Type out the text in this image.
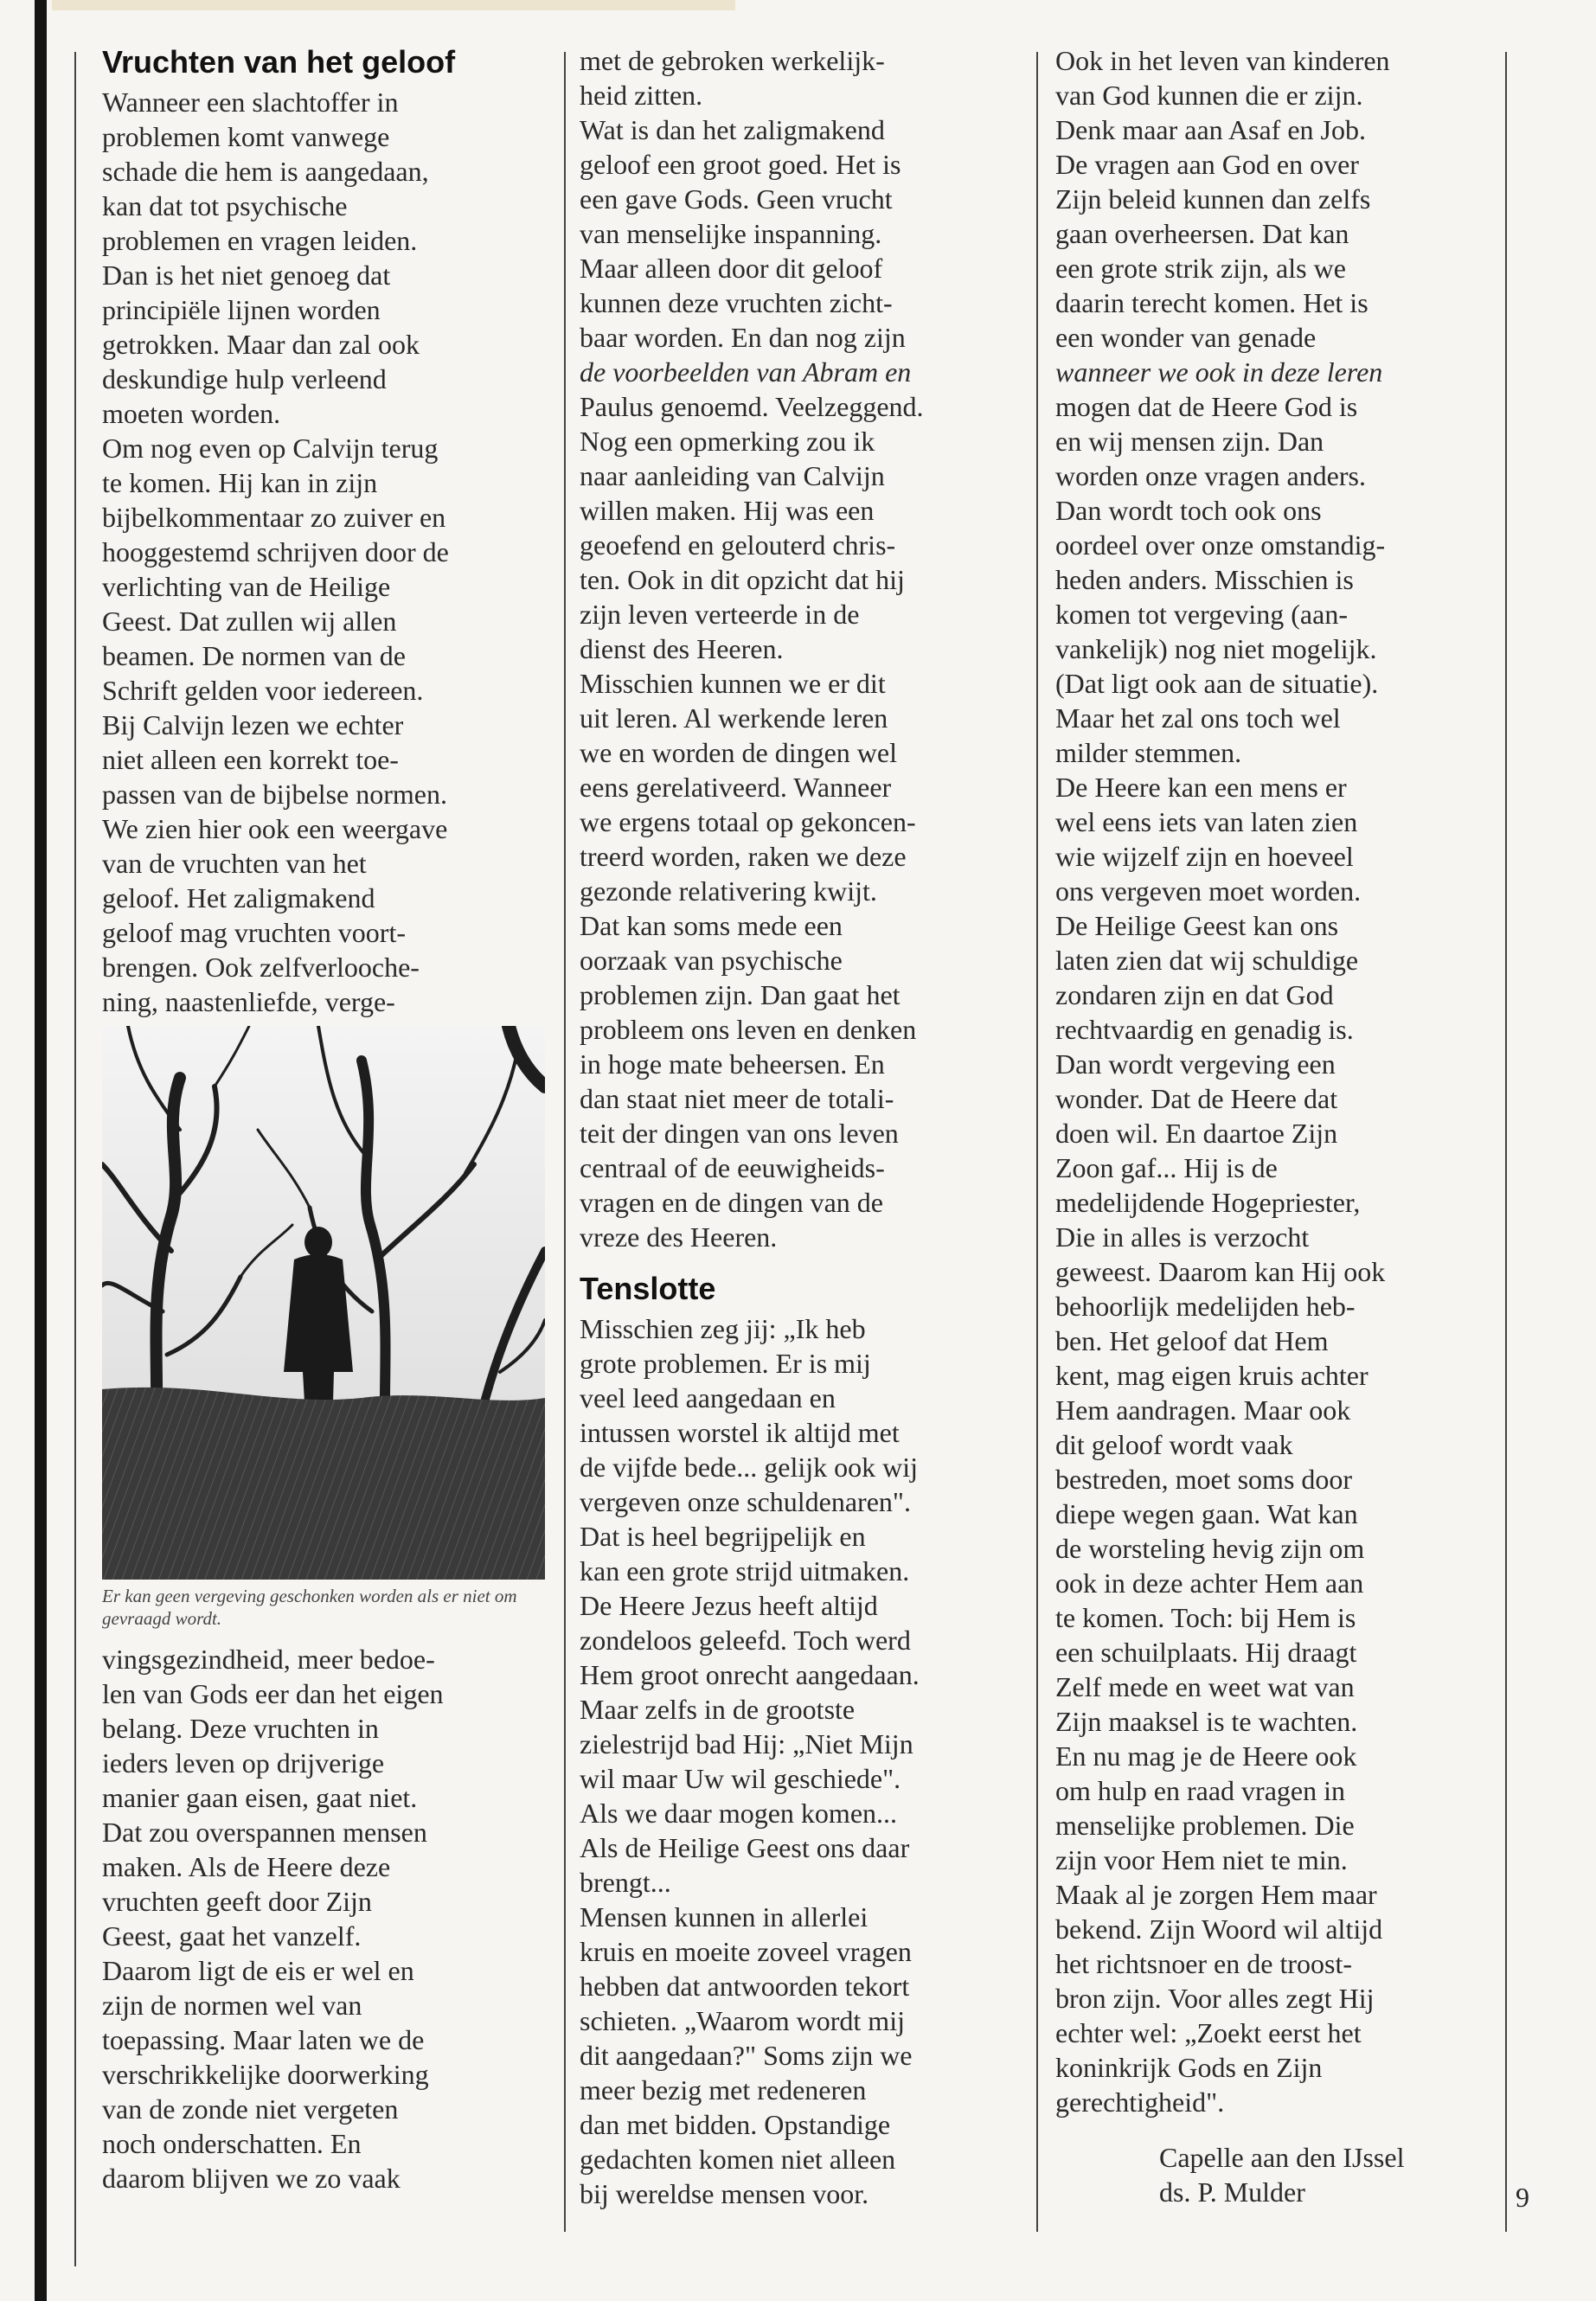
Vruchten van het geloof
Wanneer een slachtoffer in
problemen komt vanwege
schade die hem is aangedaan,
kan dat tot psychische
problemen en vragen leiden.
Dan is het niet genoeg dat
principiële lijnen worden
getrokken. Maar dan zal ook
deskundige hulp verleend
moeten worden.
Om nog even op Calvijn terug
te komen. Hij kan in zijn
bijbelkommentaar zo zuiver en
hooggestemd schrijven door de
verlichting van de Heilige
Geest. Dat zullen wij allen
beamen. De normen van de
Schrift gelden voor iedereen.
Bij Calvijn lezen we echter
niet alleen een korrekt toe-
passen van de bijbelse normen.
We zien hier ook een weergave
van de vruchten van het
geloof. Het zaligmakend
geloof mag vruchten voort-
brengen. Ook zelfverloochе-
ning, naastenliefde, verge-
Er kan geen vergeving geschonken worden als er niet om gevraagd wordt.
vingsgezindheid, meer bedoe-
len van Gods eer dan het eigen
belang. Deze vruchten in
ieders leven op drijverige
manier gaan eisen, gaat niet.
Dat zou overspannen mensen
maken. Als de Heere deze
vruchten geeft door Zijn
Geest, gaat het vanzelf.
Daarom ligt de eis er wel en
zijn de normen wel van
toepassing. Maar laten we de
verschrikkelijke doorwerking
van de zonde niet vergeten
noch onderschatten. En
daarom blijven we zo vaak
met de gebroken werkelijk-
heid zitten.
Wat is dan het zaligmakend
geloof een groot goed. Het is
een gave Gods. Geen vrucht
van menselijke inspanning.
Maar alleen door dit geloof
kunnen deze vruchten zicht-
baar worden. En dan nog zijn
de voorbeelden van Abram en
Paulus genoemd. Veelzeggend.
Nog een opmerking zou ik
naar aanleiding van Calvijn
willen maken. Hij was een
geoefend en gelouterd chris-
ten. Ook in dit opzicht dat hij
zijn leven verteerde in de
dienst des Heeren.
Misschien kunnen we er dit
uit leren. Al werkende leren
we en worden de dingen wel
eens gerelativeerd. Wanneer
we ergens totaal op gekoncen-
treerd worden, raken we deze
gezonde relativering kwijt.
Dat kan soms mede een
oorzaak van psychische
problemen zijn. Dan gaat het
probleem ons leven en denken
in hoge mate beheersen. En
dan staat niet meer de totali-
teit der dingen van ons leven
centraal of de eeuwigheids-
vragen en de dingen van de
vreze des Heeren.
Tenslotte
Misschien zeg jij: „Ik heb
grote problemen. Er is mij
veel leed aangedaan en
intussen worstel ik altijd met
de vijfde bede... gelijk ook wij
vergeven onze schuldenaren".
Dat is heel begrijpelijk en
kan een grote strijd uitmaken.
De Heere Jezus heeft altijd
zondeloos geleefd. Toch werd
Hem groot onrecht aangedaan.
Maar zelfs in de grootste
zielestrijd bad Hij: „Niet Mijn
wil maar Uw wil geschiede".
Als we daar mogen komen...
Als de Heilige Geest ons daar
brengt...
Mensen kunnen in allerlei
kruis en moeite zoveel vragen
hebben dat antwoorden tekort
schieten. „Waarom wordt mij
dit aangedaan?" Soms zijn we
meer bezig met redeneren
dan met bidden. Opstandige
gedachten komen niet alleen
bij wereldse mensen voor.
Ook in het leven van kinderen
van God kunnen die er zijn.
Denk maar aan Asaf en Job.
De vragen aan God en over
Zijn beleid kunnen dan zelfs
gaan overheersen. Dat kan
een grote strik zijn, als we
daarin terecht komen. Het is
een wonder van genade
wanneer we ook in deze leren
mogen dat de Heere God is
en wij mensen zijn. Dan
worden onze vragen anders.
Dan wordt toch ook ons
oordeel over onze omstandig-
heden anders. Misschien is
komen tot vergeving (aan-
vankelijk) nog niet mogelijk.
(Dat ligt ook aan de situatie).
Maar het zal ons toch wel
milder stemmen.
De Heere kan een mens er
wel eens iets van laten zien
wie wijzelf zijn en hoeveel
ons vergeven moet worden.
De Heilige Geest kan ons
laten zien dat wij schuldige
zondaren zijn en dat God
rechtvaardig en genadig is.
Dan wordt vergeving een
wonder. Dat de Heere dat
doen wil. En daartoe Zijn
Zoon gaf... Hij is de
medelijdende Hogepriester,
Die in alles is verzocht
geweest. Daarom kan Hij ook
behoorlijk medelijden heb-
ben. Het geloof dat Hem
kent, mag eigen kruis achter
Hem aandragen. Maar ook
dit geloof wordt vaak
bestreden, moet soms door
diepe wegen gaan. Wat kan
de worsteling hevig zijn om
ook in deze achter Hem aan
te komen. Toch: bij Hem is
een schuilplaats. Hij draagt
Zelf mede en weet wat van
Zijn maaksel is te wachten.
En nu mag je de Heere ook
om hulp en raad vragen in
menselijke problemen. Die
zijn voor Hem niet te min.
Maak al je zorgen Hem maar
bekend. Zijn Woord wil altijd
het richtsnoer en de troost-
bron zijn. Voor alles zegt Hij
echter wel: „Zoekt eerst het
koninkrijk Gods en Zijn
gerechtigheid".
Capelle aan den IJssel
ds. P. Mulder	9
